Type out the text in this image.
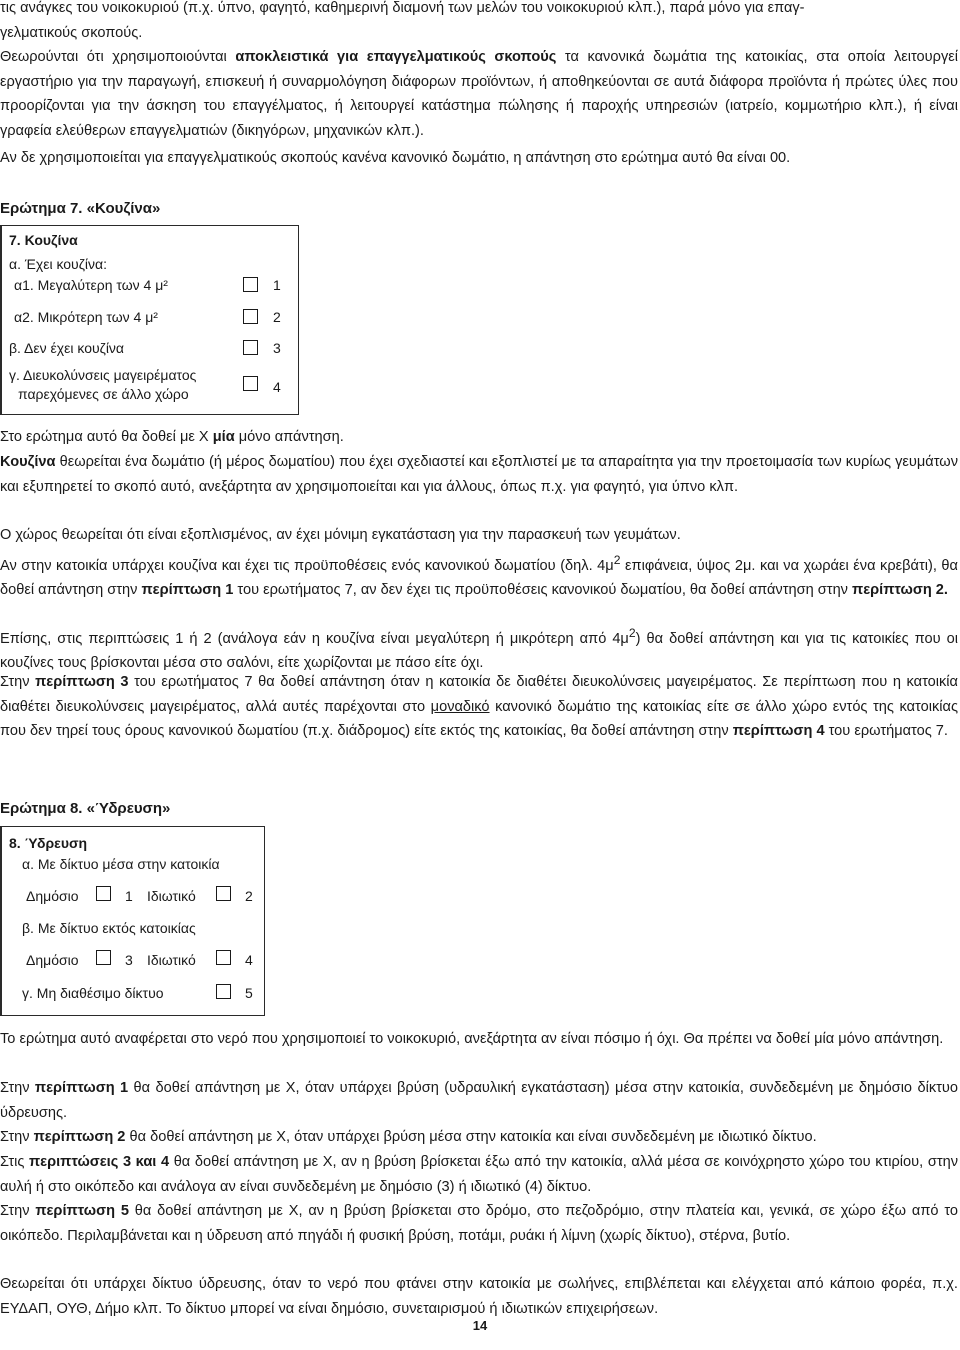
τις ανάγκες του νοικοκυριού (π.χ. ύπνο, φαγητό, καθημερινή διαμονή των μελών του νοικοκυριού κλπ.), παρά μόνο για επαγ-
γελματικούς σκοπούς.

Θεωρούνται ότι χρησιμοποιούνται αποκλειστικά για επαγγελματικούς σκοπούς τα κανονικά δωμάτια της κατοικίας, στα οποία λειτουργεί εργαστήριο για την παραγωγή, επισκευή ή συναρμολόγηση διάφορων προϊόντων, ή αποθηκεύονται σε αυτά διάφορα προϊόντα ή πρώτες ύλες που προορίζονται για την άσκηση του επαγγέλματος, ή λειτουργεί κατάστημα πώλησης ή παροχής υπηρεσιών (ιατρείο, κομμωτήριο κλπ.), ή είναι γραφεία ελεύθερων επαγγελματιών (δικηγόρων, μηχανικών κλπ.).

Αν δε χρησιμοποιείται για επαγγελματικούς σκοπούς κανένα κανονικό δωμάτιο, η απάντηση στο ερώτημα αυτό θα είναι 00.

Ερώτημα 7. «Κουζίνα»

7. Κουζίνα
α. Έχει κουζίνα:
α1. Μεγαλύτερη των 4 μ²	1
α2. Μικρότερη των 4 μ²	2
β. Δεν έχει κουζίνα	3
γ. Διευκολύνσεις μαγειρέματος
παρεχόμενες σε άλλο χώρο	4

Στο ερώτημα αυτό θα δοθεί με Χ μία μόνο απάντηση.

Κουζίνα θεωρείται ένα δωμάτιο (ή μέρος δωματίου) που έχει σχεδιαστεί και εξοπλιστεί με τα απαραίτητα για την προετοιμασία των κυρίως γευμάτων και εξυπηρετεί το σκοπό αυτό, ανεξάρτητα αν χρησιμοποιείται και για άλλους, όπως π.χ. για φαγητό, για ύπνο κλπ.

Ο χώρος θεωρείται ότι είναι εξοπλισμένος, αν έχει μόνιμη εγκατάσταση για την παρασκευή των γευμάτων.

Αν στην κατοικία υπάρχει κουζίνα και έχει τις προϋποθέσεις ενός κανονικού δωματίου (δηλ. $4\mu^2$ επιφάνεια, ύψος 2μ. και να χωράει ένα κρεβάτι), θα δοθεί απάντηση στην περίπτωση 1 του ερωτήματος 7, αν δεν έχει τις προϋποθέσεις κανονικού δωματίου, θα δοθεί απάντηση στην περίπτωση 2.

Επίσης, στις περιπτώσεις 1 ή 2 (ανάλογα εάν η κουζίνα είναι μεγαλύτερη ή μικρότερη από $4\mu^2$) θα δοθεί απάντηση και για τις κατοικίες που οι κουζίνες τους βρίσκονται μέσα στο σαλόνι, είτε χωρίζονται με πάσο είτε όχι.

Στην περίπτωση 3 του ερωτήματος 7 θα δοθεί απάντηση όταν η κατοικία δε διαθέτει διευκολύνσεις μαγειρέματος. Σε περίπτωση που η κατοικία διαθέτει διευκολύνσεις μαγειρέματος, αλλά αυτές παρέχονται στο μοναδικό κανονικό δωμάτιο της κατοικίας είτε σε άλλο χώρο εντός της κατοικίας που δεν τηρεί τους όρους κανονικού δωματίου (π.χ. διάδρομος) είτε εκτός της κατοικίας, θα δοθεί απάντηση στην περίπτωση 4 του ερωτήματος 7.

Ερώτημα 8. «Ύδρευση»

8. Ύδρευση
α. Με δίκτυο μέσα στην κατοικία
Δημόσιο	1 Ιδιωτικό	2
β. Με δίκτυο εκτός κατοικίας
Δημόσιο	3 Ιδιωτικό	4
γ. Μη διαθέσιμο δίκτυο	5

Το ερώτημα αυτό αναφέρεται στο νερό που χρησιμοποιεί το νοικοκυριό, ανεξάρτητα αν είναι πόσιμο ή όχι. Θα πρέπει να δοθεί μία μόνο απάντηση.

Στην περίπτωση 1 θα δοθεί απάντηση με Χ, όταν υπάρχει βρύση (υδραυλική εγκατάσταση) μέσα στην κατοικία, συνδεδεμένη με δημόσιο δίκτυο ύδρευσης.

Στην περίπτωση 2 θα δοθεί απάντηση με Χ, όταν υπάρχει βρύση μέσα στην κατοικία και είναι συνδεδεμένη με ιδιωτικό δίκτυο.

Στις περιπτώσεις 3 και 4 θα δοθεί απάντηση με Χ, αν η βρύση βρίσκεται έξω από την κατοικία, αλλά μέσα σε κοινόχρηστο χώρο του κτιρίου, στην αυλή ή στο οικόπεδο και ανάλογα αν είναι συνδεδεμένη με δημόσιο (3) ή ιδιωτικό (4) δίκτυο.

Στην περίπτωση 5 θα δοθεί απάντηση με Χ, αν η βρύση βρίσκεται στο δρόμο, στο πεζοδρόμιο, στην πλατεία και, γενικά, σε χώρο έξω από το οικόπεδο. Περιλαμβάνεται και η ύδρευση από πηγάδι ή φυσική βρύση, ποτάμι, ρυάκι ή λίμνη (χωρίς δίκτυο), στέρνα, βυτίο.

Θεωρείται ότι υπάρχει δίκτυο ύδρευσης, όταν το νερό που φτάνει στην κατοικία με σωλήνες, επιβλέπεται και ελέγχεται από κάποιο φορέα, π.χ. ΕΥΔΑΠ, ΟΥΘ, Δήμο κλπ. Το δίκτυο μπορεί να είναι δημόσιο, συνεταιρισμού ή ιδιωτικών επιχειρήσεων.

14
